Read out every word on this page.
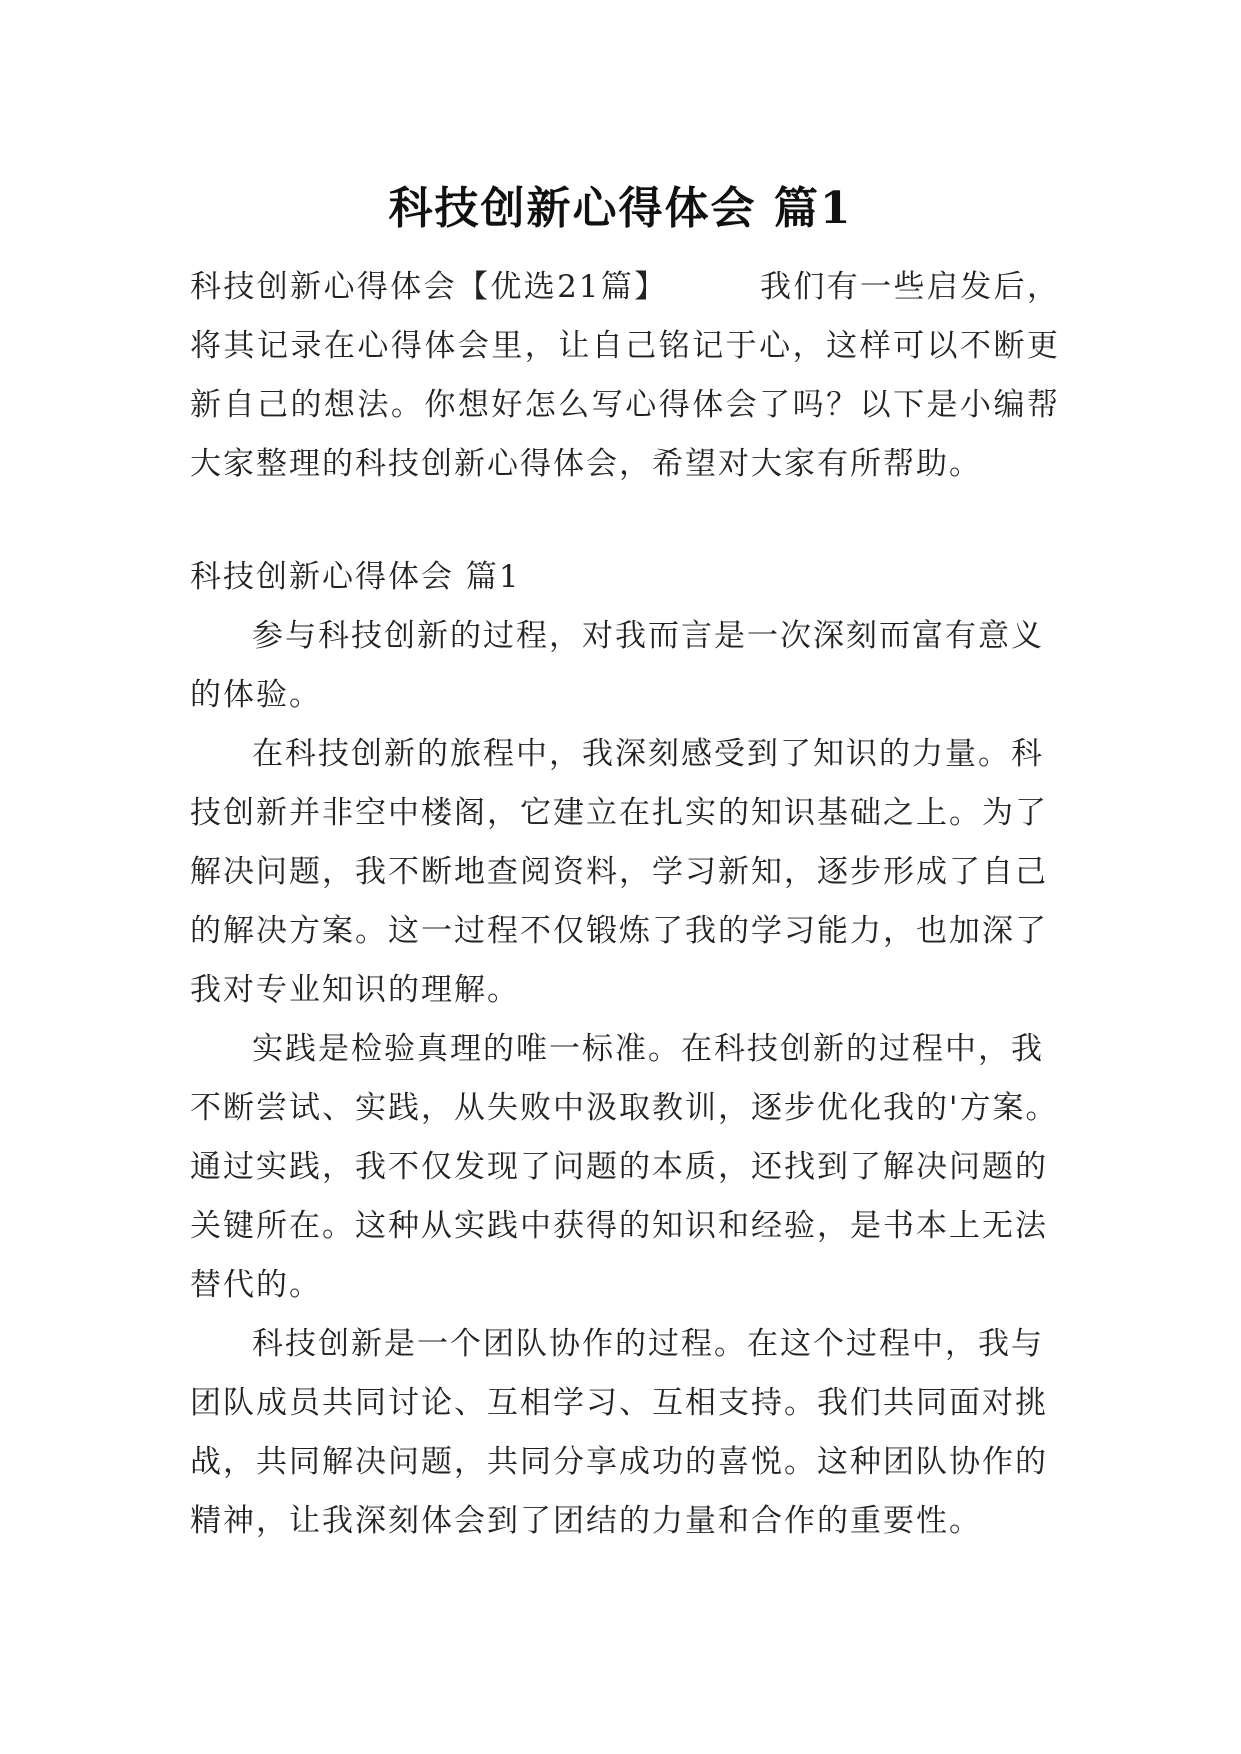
科技创新心得体会 篇1

科技创新心得体会【优选21篇】	我们有一些启发后，将其记录在心得体会里，让自己铭记于心，这样可以不断更新自己的想法。你想好怎么写心得体会了吗？以下是小编帮大家整理的科技创新心得体会，希望对大家有所帮助。

科技创新心得体会 篇1

参与科技创新的过程，对我而言是一次深刻而富有意义的体验。

在科技创新的旅程中，我深刻感受到了知识的力量。科技创新并非空中楼阁，它建立在扎实的知识基础之上。为了解决问题，我不断地查阅资料，学习新知，逐步形成了自己的解决方案。这一过程不仅锻炼了我的学习能力，也加深了我对专业知识的理解。

实践是检验真理的唯一标准。在科技创新的过程中，我不断尝试、实践，从失败中汲取教训，逐步优化我的'方案。通过实践，我不仅发现了问题的本质，还找到了解决问题的关键所在。这种从实践中获得的知识和经验，是书本上无法替代的。

科技创新是一个团队协作的过程。在这个过程中，我与团队成员共同讨论、互相学习、互相支持。我们共同面对挑战，共同解决问题，共同分享成功的喜悦。这种团队协作的精神，让我深刻体会到了团结的力量和合作的重要性。
